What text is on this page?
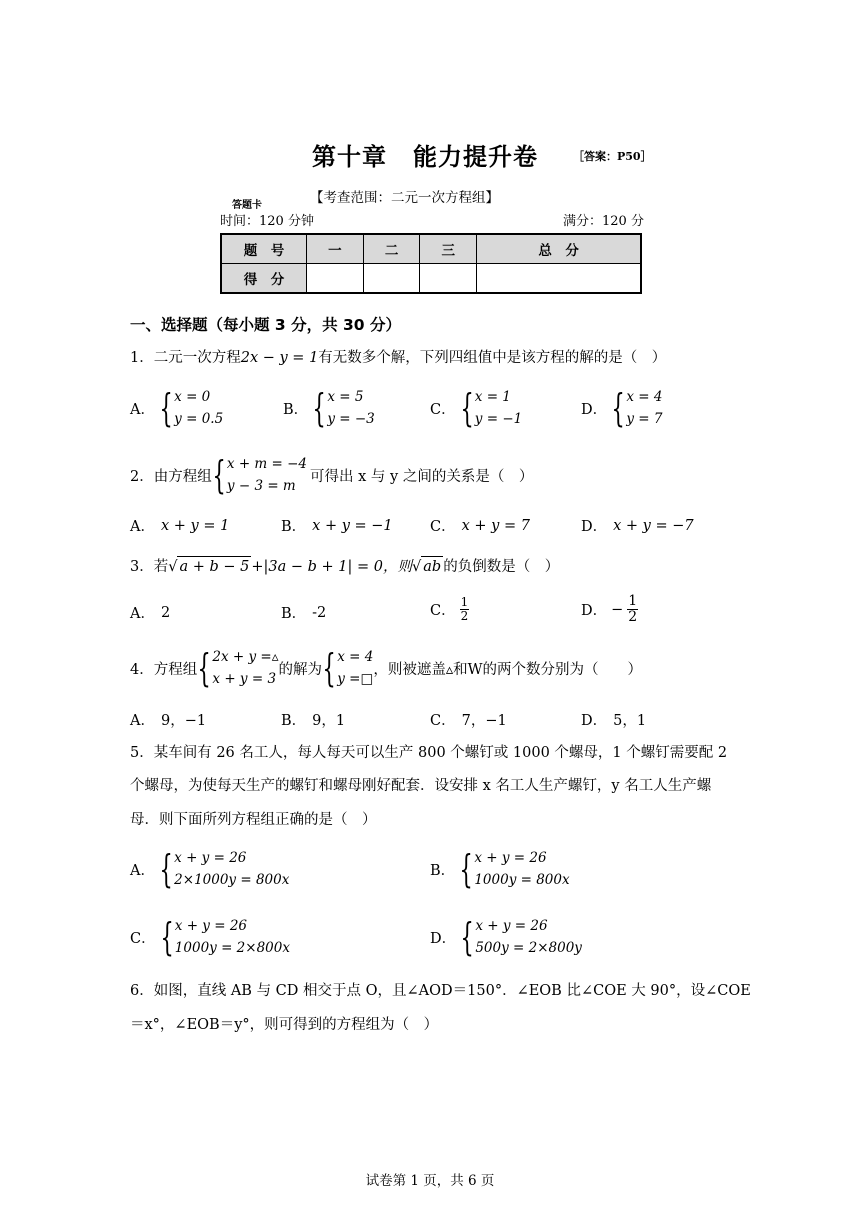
第十章 能力提升卷	［答案：P50］
【考查范围：二元一次方程组】
答题卡
时间：120 分钟	满分：120 分
题　号	一	二	三	总　分
得　分				
一、选择题（每小题 3 分，共 30 分）
1．二元一次方程2x − y = 1有无数多个解，下列四组值中是该方程的解的是（　）
A． { x = 0
y = 0.5
B． { x = 5
y = −3
C． { x = 1
y = −1
D． { x = 4
y = 7
2．由方程组 { x + m = −4
y − 3 = m
可得出 x 与 y 之间的关系是（　）
A． x + y = 1	B． x + y = −1	C． x + y = 7	D． x + y = −7
3．若√ a + b − 5 +|3a − b + 1| = 0，则√ ab 的负倒数是（　）
A． 2	B． -2	C． $\frac{1}{2}$	D． − $\frac{1}{2}$
4．方程组 { 2x + y =▵
x + y = 3
的解为 { x = 4
y =□
，则被遮盖▵和W的两个数分别为（　　）
A． 9，−1	B． 9，1	C． 7，−1	D． 5，1
5．某车间有 26 名工人，每人每天可以生产 800 个螺钉或 1000 个螺母，1 个螺钉需要配 2
个螺母，为使每天生产的螺钉和螺母刚好配套．设安排 x 名工人生产螺钉，y 名工人生产螺
母．则下面所列方程组正确的是（　）
A． { x + y = 26
2×1000y = 800x
B． { x + y = 26
1000y = 800x
C． { x + y = 26
1000y = 2×800x
D． { x + y = 26
500y = 2×800y
6．如图，直线 AB 与 CD 相交于点 O，且∠AOD＝150°．∠EOB 比∠COE 大 90°，设∠COE
＝x°，∠EOB＝y°，则可得到的方程组为（　）
试卷第 1 页，共 6 页
